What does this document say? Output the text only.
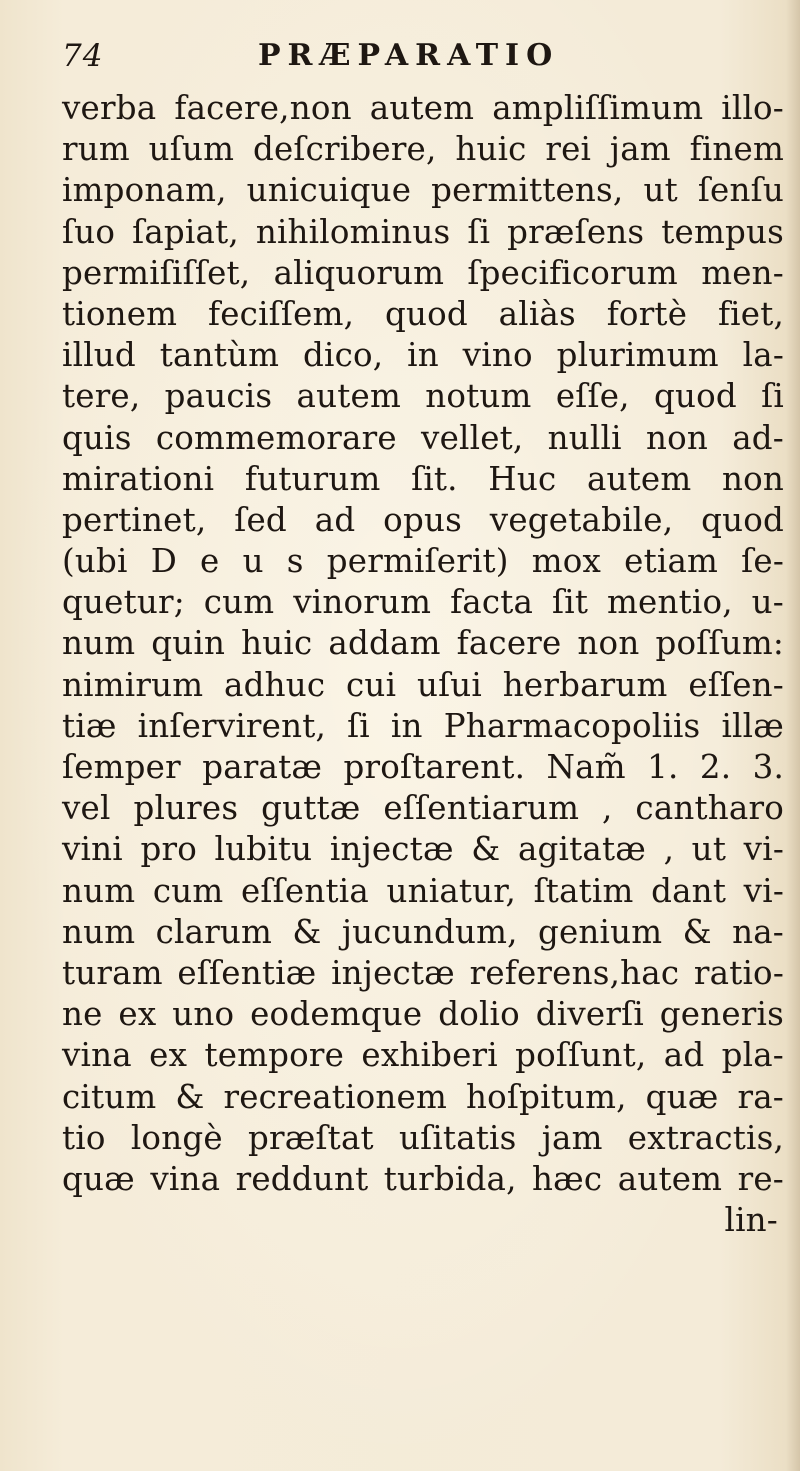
74	PRÆPARATIO
verba facere,non autem ampliſſimum illo-
rum uſum deſcribere, huic rei jam finem
imponam, unicuique permittens, ut ſenſu
ſuo ſapiat, nihilominus ſi præſens tempus
permiſiſſet, aliquorum ſpecificorum men-
tionem feciſſem, quod aliàs fortè fiet,
illud tantùm dico, in vino plurimum la-
tere, paucis autem notum eſſe, quod ſi
quis commemorare vellet, nulli non ad-
mirationi futurum ſit. Huc autem non
pertinet, ſed ad opus vegetabile, quod
(ubi D e u s permiſerit) mox etiam ſe-
quetur; cum vinorum facta ſit mentio, u-
num quin huic addam facere non poſſum:
nimirum adhuc cui uſui herbarum eſſen-
tiæ inſervirent, ſi in Pharmacopoliis illæ
ſemper paratæ proſtarent. Nam̃ 1. 2. 3.
vel plures guttæ eſſentiarum , cantharo
vini pro lubitu injectæ & agitatæ , ut vi-
num cum eſſentia uniatur, ſtatim dant vi-
num clarum & jucundum, genium & na-
turam eſſentiæ injectæ referens,hac ratio-
ne ex uno eodemque dolio diverſi generis
vina ex tempore exhiberi poſſunt, ad pla-
citum & recreationem hoſpitum, quæ ra-
tio longè præſtat uſitatis jam extractis,
quæ vina reddunt turbida, hæc autem re-
lin-
